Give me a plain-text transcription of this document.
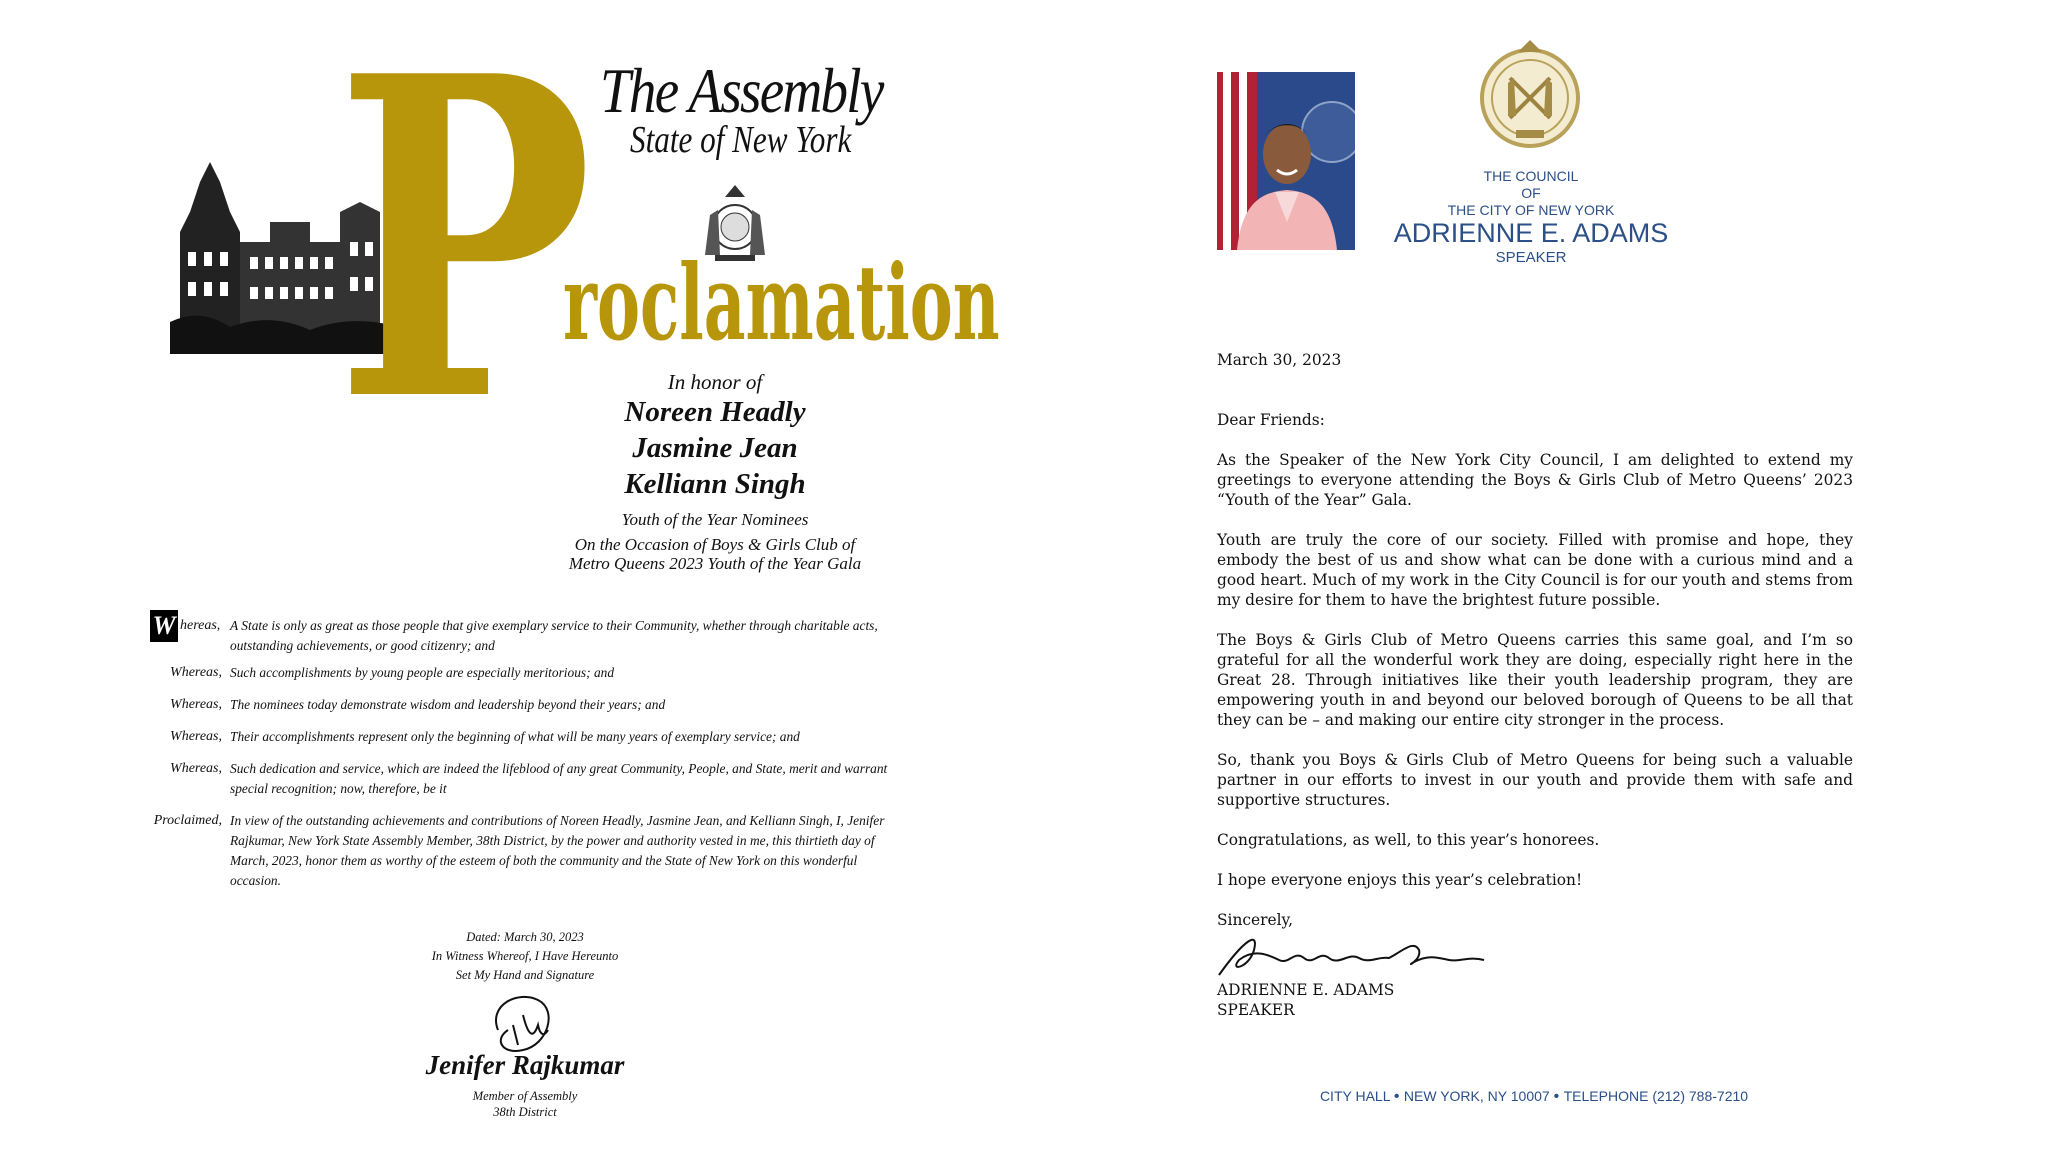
P The Assembly
State of New York
roclamation
In honor of
Noreen Headly
Jasmine Jean
Kelliann Singh
Youth of the Year Nominees
On the Occasion of Boys & Girls Club of
Metro Queens 2023 Youth of the Year Gala
W hereas, A State is only as great as those people that give exemplary service to their Community, whether through charitable acts, outstanding achievements, or good citizenry; and
Whereas, Such accomplishments by young people are especially meritorious; and
Whereas, The nominees today demonstrate wisdom and leadership beyond their years; and
Whereas, Their accomplishments represent only the beginning of what will be many years of exemplary service; and
Whereas, Such dedication and service, which are indeed the lifeblood of any great Community, People, and State, merit and warrant special recognition; now, therefore, be it
Proclaimed, In view of the outstanding achievements and contributions of Noreen Headly, Jasmine Jean, and Kelliann Singh, I, Jenifer Rajkumar, New York State Assembly Member, 38th District, by the power and authority vested in me, this thirtieth day of March, 2023, honor them as worthy of the esteem of both the community and the State of New York on this wonderful occasion.
Dated: March 30, 2023
In Witness Whereof, I Have Hereunto
Set My Hand and Signature
Jenifer Rajkumar
Member of Assembly
38th District
THE COUNCIL
OF
THE CITY OF NEW YORK
ADRIENNE E. ADAMS
SPEAKER
March 30, 2023
Dear Friends:
As the Speaker of the New York City Council, I am delighted to extend my greetings to everyone attending the Boys & Girls Club of Metro Queens’ 2023 “Youth of the Year” Gala.
Youth are truly the core of our society. Filled with promise and hope, they embody the best of us and show what can be done with a curious mind and a good heart. Much of my work in the City Council is for our youth and stems from my desire for them to have the brightest future possible.
The Boys & Girls Club of Metro Queens carries this same goal, and I’m so grateful for all the wonderful work they are doing, especially right here in the Great 28. Through initiatives like their youth leadership program, they are empowering youth in and beyond our beloved borough of Queens to be all that they can be – and making our entire city stronger in the process.
So, thank you Boys & Girls Club of Metro Queens for being such a valuable partner in our efforts to invest in our youth and provide them with safe and supportive structures.
Congratulations, as well, to this year’s honorees.
I hope everyone enjoys this year’s celebration!
Sincerely,
ADRIENNE E. ADAMS
SPEAKER
CITY HALL • NEW YORK, NY 10007 • TELEPHONE (212) 788-7210
